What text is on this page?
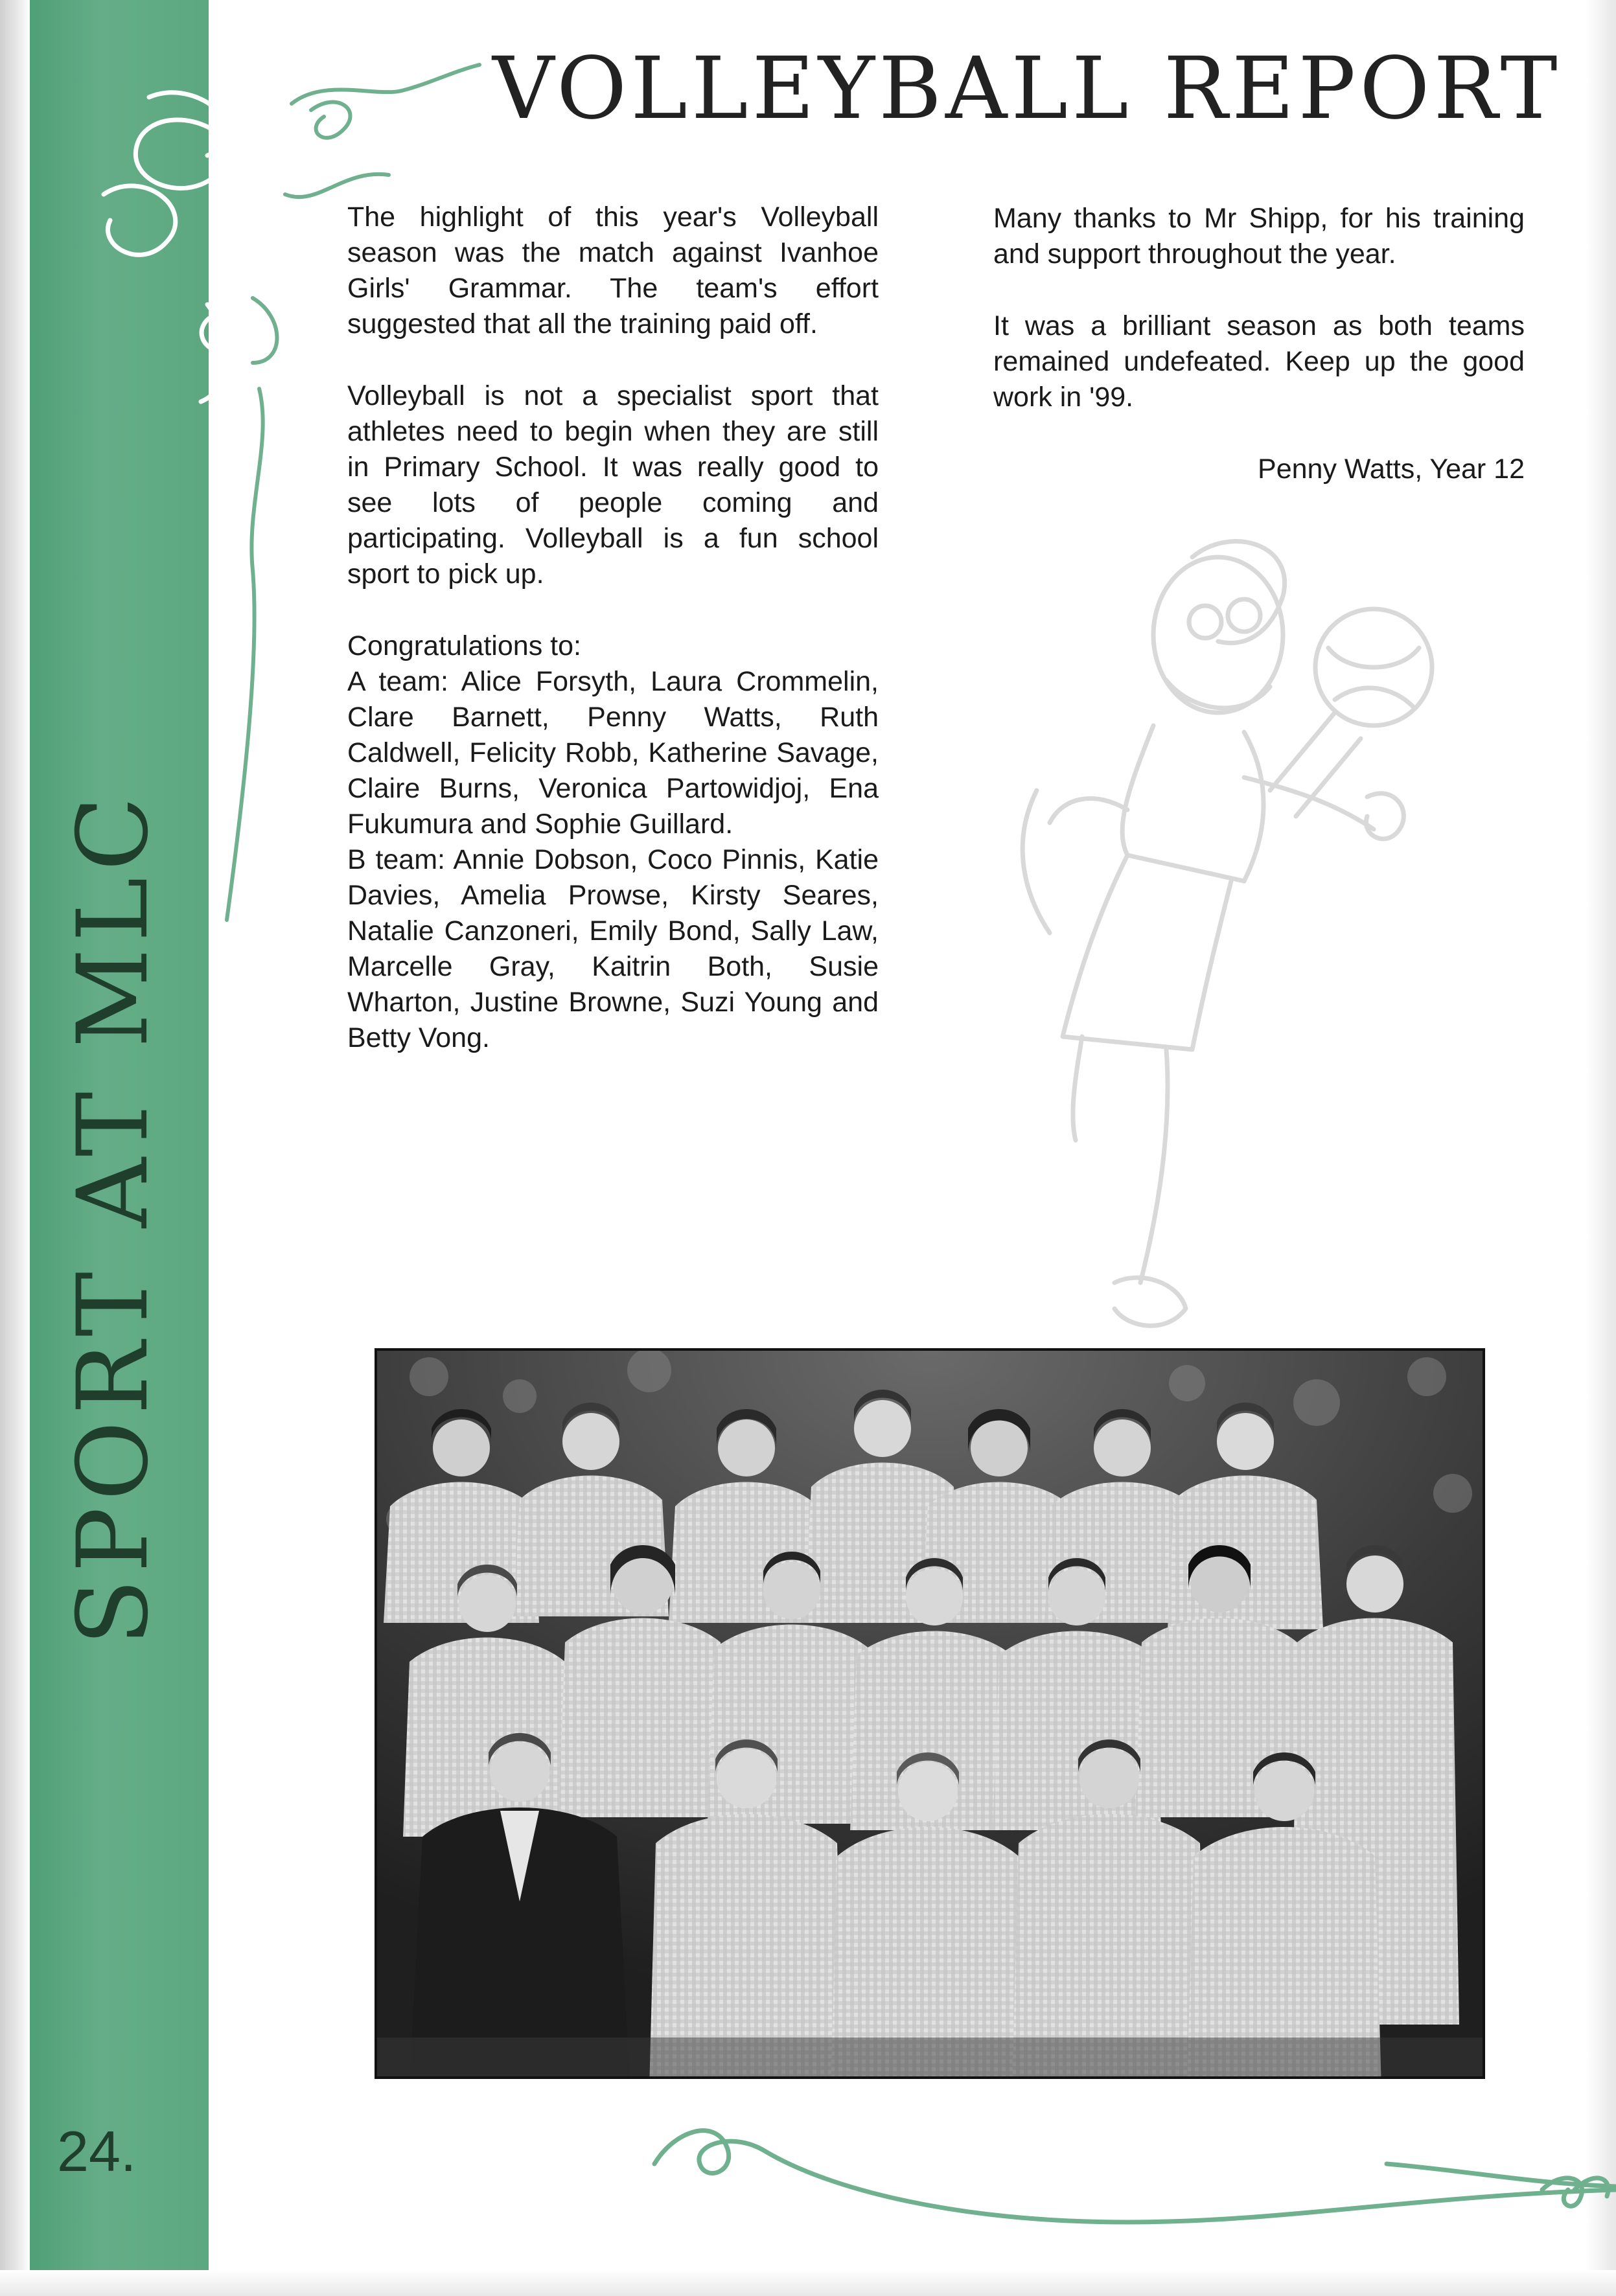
SPORT AT MLC
24.
VOLLEYBALL REPORT

The highlight of this year's Volleyball season was the match against Ivanhoe Girls' Grammar. The team's effort suggested that all the training paid off.

Volleyball is not a specialist sport that athletes need to begin when they are still in Primary School. It was really good to see lots of people coming and participating. Volleyball is a fun school sport to pick up.

Congratulations to:

A team: Alice Forsyth, Laura Crommelin, Clare Barnett, Penny Watts, Ruth Caldwell, Felicity Robb, Katherine Savage, Claire Burns, Veronica Partowidjoj, Ena Fukumura and Sophie Guillard.

B team: Annie Dobson, Coco Pinnis, Katie Davies, Amelia Prowse, Kirsty Seares, Natalie Canzoneri, Emily Bond, Sally Law, Marcelle Gray, Kaitrin Both, Susie Wharton, Justine Browne, Suzi Young and Betty Vong.

Many thanks to Mr Shipp, for his training and support throughout the year.

It was a brilliant season as both teams remained undefeated. Keep up the good work in '99.

Penny Watts, Year 12
